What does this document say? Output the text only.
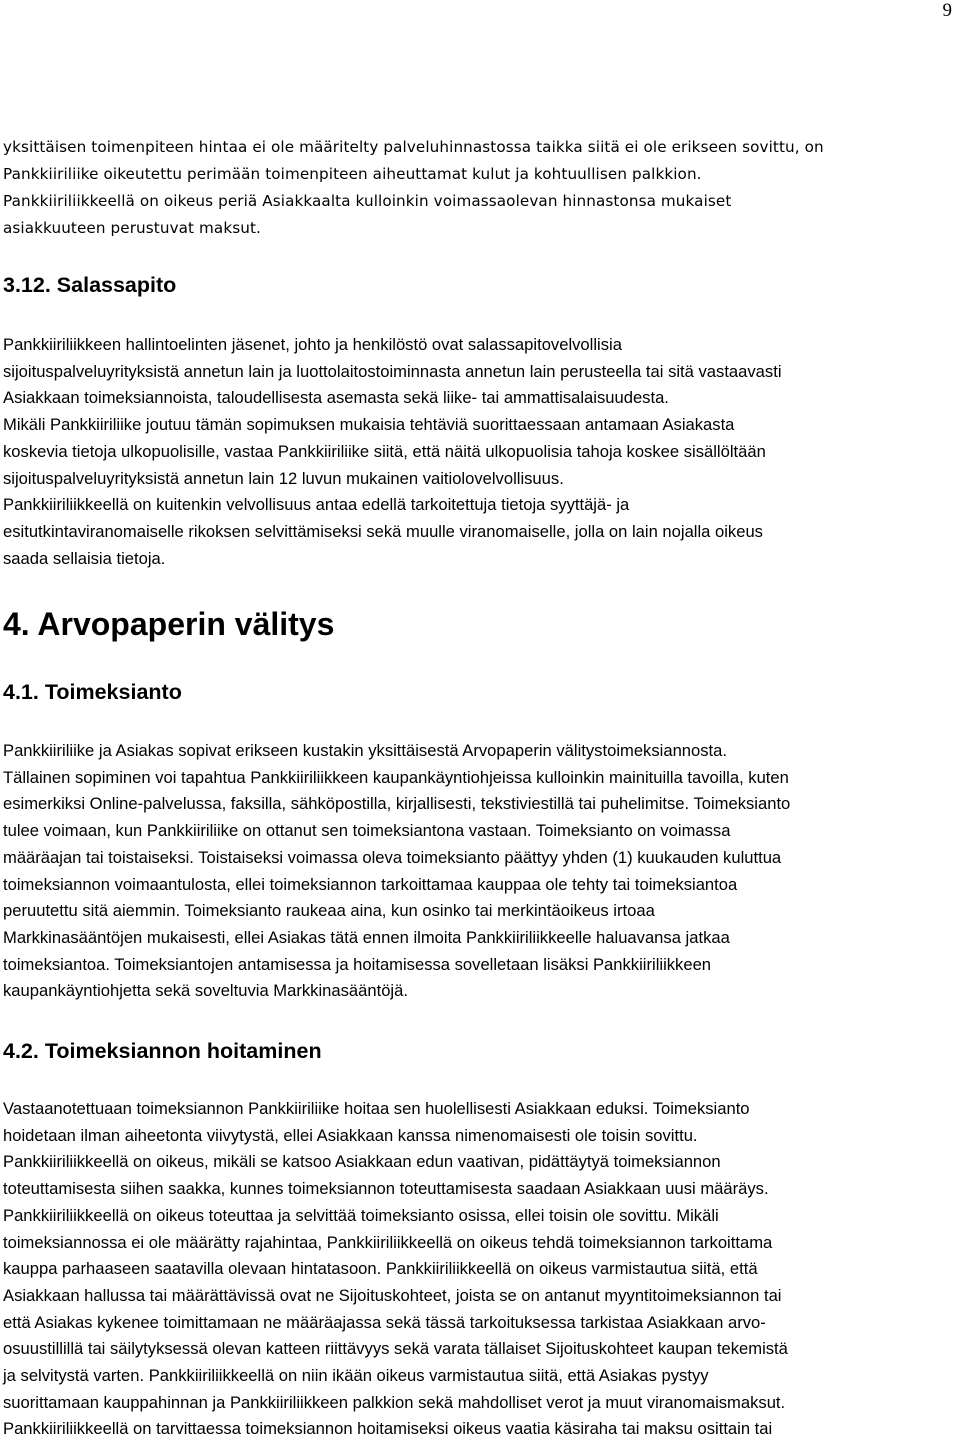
9
yksittäisen toimenpiteen hintaa ei ole määritelty palveluhinnastossa taikka siitä ei ole erikseen sovittu, on
Pankkiiriliike oikeutettu perimään toimenpiteen aiheuttamat kulut ja kohtuullisen palkkion.
Pankkiiriliikkeellä on oikeus periä Asiakkaalta kulloinkin voimassaolevan hinnastonsa mukaiset
asiakkuuteen perustuvat maksut.
3.12. Salassapito
Pankkiiriliikkeen hallintoelinten jäsenet, johto ja henkilöstö ovat salassapitovelvollisia
sijoituspalveluyrityksistä annetun lain ja luottolaitostoiminnasta annetun lain perusteella tai sitä vastaavasti
Asiakkaan toimeksiannoista, taloudellisesta asemasta sekä liike- tai ammattisalaisuudesta.
Mikäli Pankkiiriliike joutuu tämän sopimuksen mukaisia tehtäviä suorittaessaan antamaan Asiakasta
koskevia tietoja ulkopuolisille, vastaa Pankkiiriliike siitä, että näitä ulkopuolisia tahoja koskee sisällöltään
sijoituspalveluyrityksistä annetun lain 12 luvun mukainen vaitiolovelvollisuus.
Pankkiiriliikkeellä on kuitenkin velvollisuus antaa edellä tarkoitettuja tietoja syyttäjä- ja
esitutkintaviranomaiselle rikoksen selvittämiseksi sekä muulle viranomaiselle, jolla on lain nojalla oikeus
saada sellaisia tietoja.
4. Arvopaperin välitys
4.1. Toimeksianto
Pankkiiriliike ja Asiakas sopivat erikseen kustakin yksittäisestä Arvopaperin välitystoimeksiannosta.
Tällainen sopiminen voi tapahtua Pankkiiriliikkeen kaupankäyntiohjeissa kulloinkin mainituilla tavoilla, kuten
esimerkiksi Online-palvelussa, faksilla, sähköpostilla, kirjallisesti, tekstiviestillä tai puhelimitse. Toimeksianto
tulee voimaan, kun Pankkiiriliike on ottanut sen toimeksiantona vastaan. Toimeksianto on voimassa
määräajan tai toistaiseksi. Toistaiseksi voimassa oleva toimeksianto päättyy yhden (1) kuukauden kuluttua
toimeksiannon voimaantulosta, ellei toimeksiannon tarkoittamaa kauppaa ole tehty tai toimeksiantoa
peruutettu sitä aiemmin. Toimeksianto raukeaa aina, kun osinko tai merkintäoikeus irtoaa
Markkinasääntöjen mukaisesti, ellei Asiakas tätä ennen ilmoita Pankkiiriliikkeelle haluavansa jatkaa
toimeksiantoa. Toimeksiantojen antamisessa ja hoitamisessa sovelletaan lisäksi Pankkiiriliikkeen
kaupankäyntiohjetta sekä soveltuvia Markkinasääntöjä.
4.2. Toimeksiannon hoitaminen
Vastaanotettuaan toimeksiannon Pankkiiriliike hoitaa sen huolellisesti Asiakkaan eduksi. Toimeksianto
hoidetaan ilman aiheetonta viivytystä, ellei Asiakkaan kanssa nimenomaisesti ole toisin sovittu.
Pankkiiriliikkeellä on oikeus, mikäli se katsoo Asiakkaan edun vaativan, pidättäytyä toimeksiannon
toteuttamisesta siihen saakka, kunnes toimeksiannon toteuttamisesta saadaan Asiakkaan uusi määräys.
Pankkiiriliikkeellä on oikeus toteuttaa ja selvittää toimeksianto osissa, ellei toisin ole sovittu. Mikäli
toimeksiannossa ei ole määrätty rajahintaa, Pankkiiriliikkeellä on oikeus tehdä toimeksiannon tarkoittama
kauppa parhaaseen saatavilla olevaan hintatasoon. Pankkiiriliikkeellä on oikeus varmistautua siitä, että
Asiakkaan hallussa tai määrättävissä ovat ne Sijoituskohteet, joista se on antanut myyntitoimeksiannon tai
että Asiakas kykenee toimittamaan ne määräajassa sekä tässä tarkoituksessa tarkistaa Asiakkaan arvo-
osuustillillä tai säilytyksessä olevan katteen riittävyys sekä varata tällaiset Sijoituskohteet kaupan tekemistä
ja selvitystä varten. Pankkiiriliikkeellä on niin ikään oikeus varmistautua siitä, että Asiakas pystyy
suorittamaan kauppahinnan ja Pankkiiriliikkeen palkkion sekä mahdolliset verot ja muut viranomaismaksut.
Pankkiiriliikkeellä on tarvittaessa toimeksiannon hoitamiseksi oikeus vaatia käsiraha tai maksu osittain tai
